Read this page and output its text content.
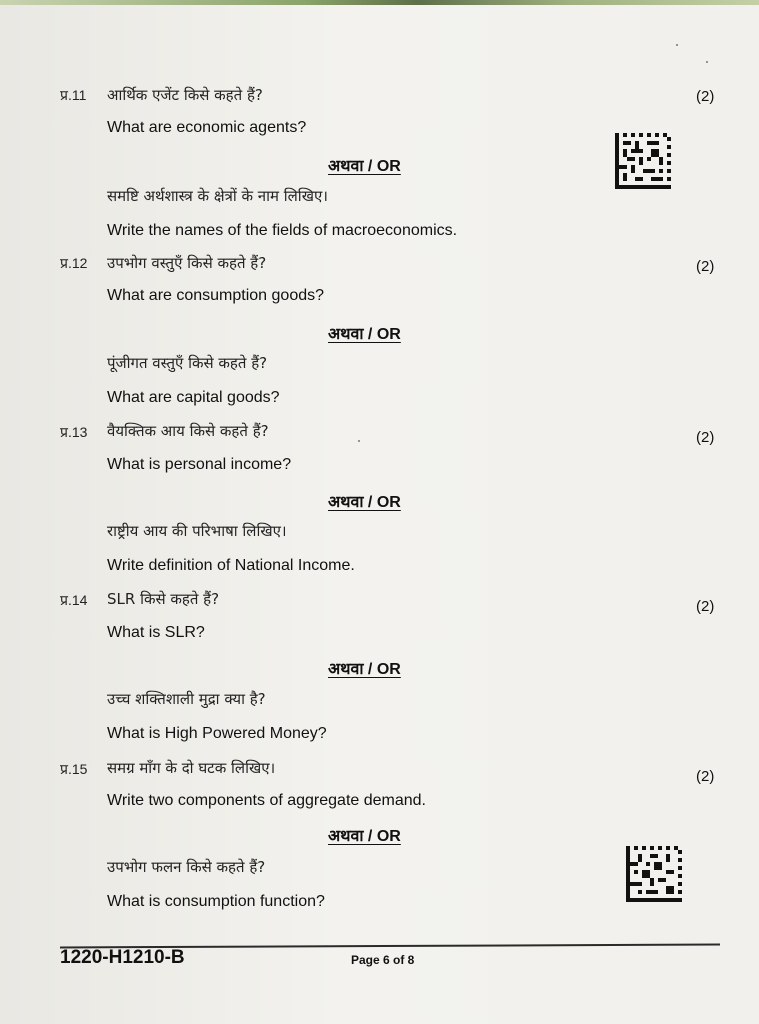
प्र.11 आर्थिक एजेंट किसे कहते हैं?	(2)
What are economic agents?
अथवा / OR
समष्टि अर्थशास्त्र के क्षेत्रों के नाम लिखिए।
Write the names of the fields of macroeconomics.
प्र.12 उपभोग वस्तुएँ किसे कहते हैं?	(2)
What are consumption goods?
अथवा / OR
पूंजीगत वस्तुएँ किसे कहते हैं?
What are capital goods?
प्र.13 वैयक्तिक आय किसे कहते हैं?	(2)
What is personal income?
अथवा / OR
राष्ट्रीय आय की परिभाषा लिखिए।
Write definition of National Income.
प्र.14 SLR किसे कहते हैं?	(2)
What is SLR?
अथवा / OR
उच्च शक्तिशाली मुद्रा क्या है?
What is High Powered Money?
प्र.15 समग्र माँग के दो घटक लिखिए।	(2)
Write two components of aggregate demand.
अथवा / OR
उपभोग फलन किसे कहते हैं?
What is consumption function?
1220-H1210-B	Page 6 of 8
